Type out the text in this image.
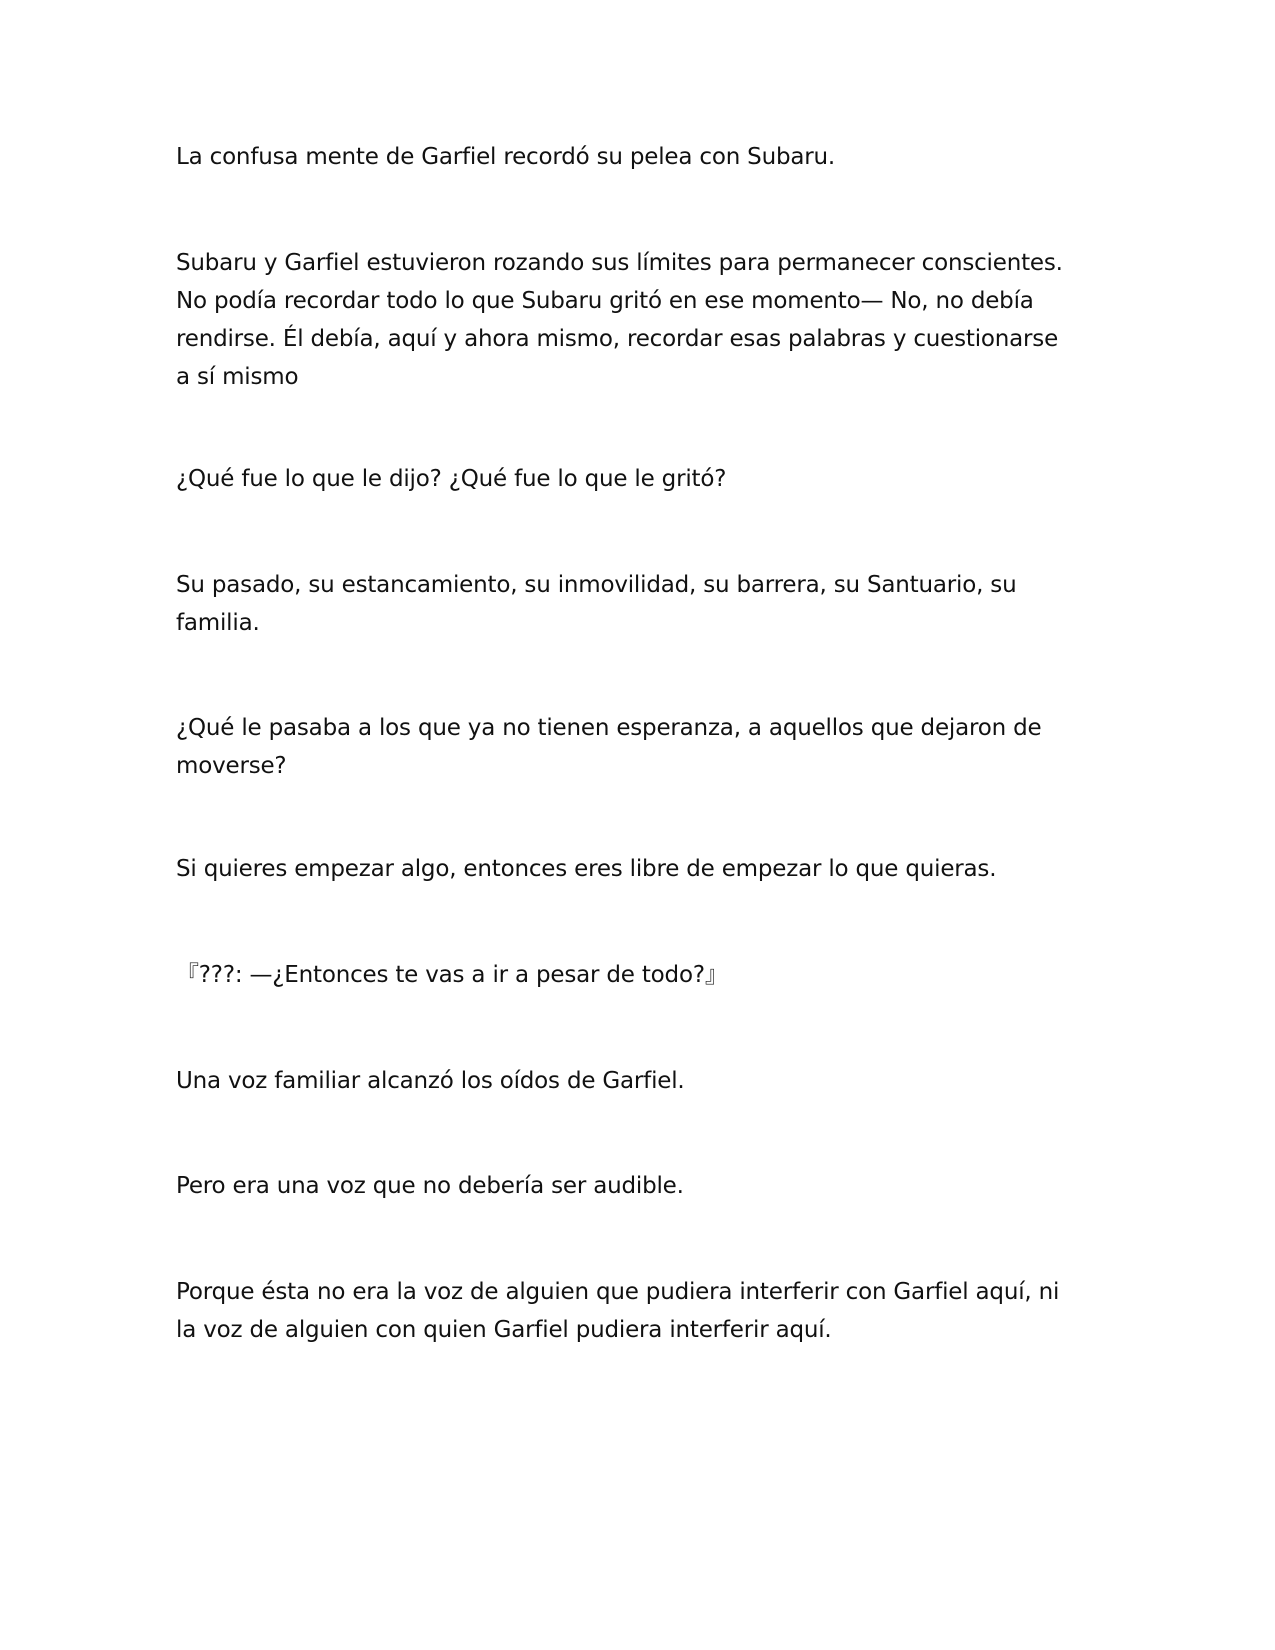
La confusa mente de Garfiel recordó su pelea con Subaru.

Subaru y Garfiel estuvieron rozando sus límites para permanecer conscientes.
No podía recordar todo lo que Subaru gritó en ese momento— No, no debía
rendirse. Él debía, aquí y ahora mismo, recordar esas palabras y cuestionarse
a sí mismo

¿Qué fue lo que le dijo? ¿Qué fue lo que le gritó?

Su pasado, su estancamiento, su inmovilidad, su barrera, su Santuario, su
familia.

¿Qué le pasaba a los que ya no tienen esperanza, a aquellos que dejaron de
moverse?

Si quieres empezar algo, entonces eres libre de empezar lo que quieras.

『???: —¿Entonces te vas a ir a pesar de todo?』

Una voz familiar alcanzó los oídos de Garfiel.

Pero era una voz que no debería ser audible.

Porque ésta no era la voz de alguien que pudiera interferir con Garfiel aquí, ni
la voz de alguien con quien Garfiel pudiera interferir aquí.
